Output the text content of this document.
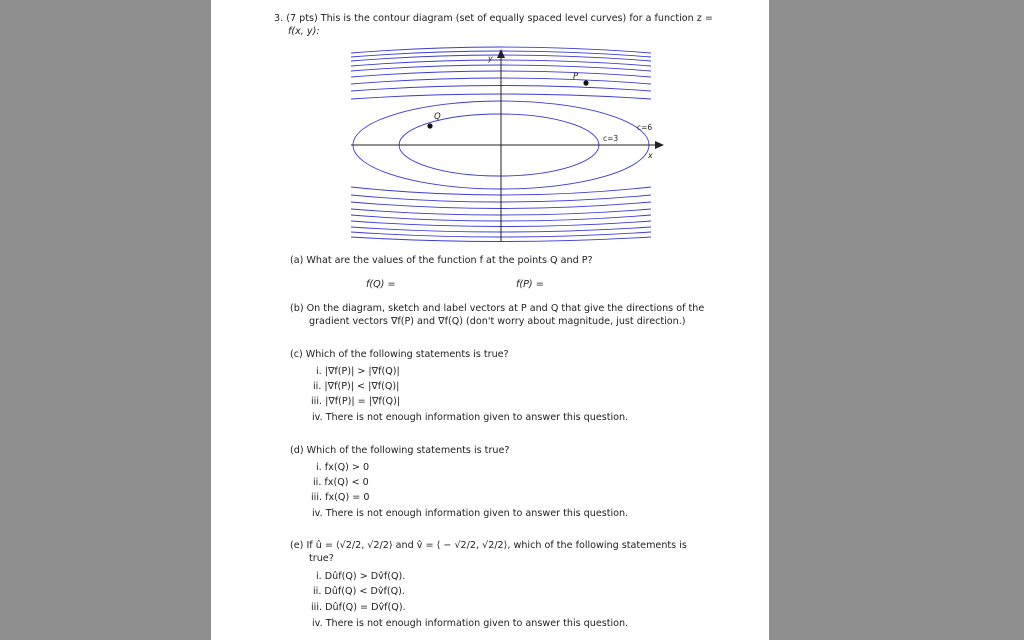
3. (7 pts) This is the contour diagram (set of equally spaced level curves) for a function z =
f(x, y):
y
x
P
Q
c=3
c=6
(a) What are the values of the function f at the points Q and P?
f(Q) =	f(P) =
(b) On the diagram, sketch and label vectors at P and Q that give the directions of the
gradient vectors ∇f(P) and ∇f(Q) (don't worry about magnitude, just direction.)
(c) Which of the following statements is true?
i. |∇f(P)| > |∇f(Q)|
ii. |∇f(P)| < |∇f(Q)|
iii. |∇f(P)| = |∇f(Q)|
iv. There is not enough information given to answer this question.
(d) Which of the following statements is true?
i. fx(Q) > 0
ii. fx(Q) < 0
iii. fx(Q) = 0
iv. There is not enough information given to answer this question.
(e) If û = ⟨√2/2, √2/2⟩ and v̂ = ⟨ − √2/2, √2/2⟩, which of the following statements is
true?
i. Dûf(Q) > Dv̂f(Q).
ii. Dûf(Q) < Dv̂f(Q).
iii. Dûf(Q) = Dv̂f(Q).
iv. There is not enough information given to answer this question.
